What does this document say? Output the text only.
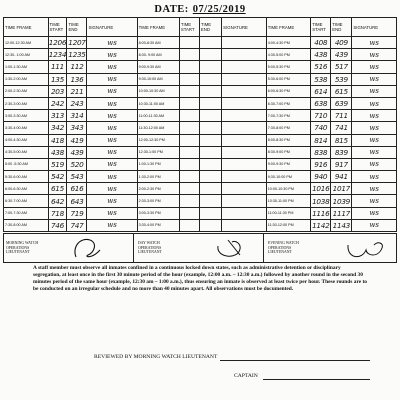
DATE: 07/25/2019
TIME FRAME	TIME START	TIME END	SIGNATURE	TIME FRAME	TIME START	TIME END	SIGNATURE	TIME FRAME	TIME START	TIME END	SIGNATURE
12:00-12:30 AM	1206	1207	ws	8:00-8:30 AM				4:00-4:30 PM	408	409	ws
12:30- 1:00 AM	1234	1235	ws	8:30- 9:00 AM				4:30-5:00 PM	438	439	ws
1:00-1:30 AM	111	112	ws	9:00-9:30 AM				5:00-5:30 PM	516	517	ws
1:30-2:00 AM	135	136	ws	9:30-10:00 AM				5:30-6:00 PM	538	539	ws
2:00-2:30 AM	203	211	ws	10:00-10:30 AM				6:00-6:30 PM	614	615	ws
2:30-3:00 AM	242	243	ws	10:30-11:00 AM				6:30-7:00 PM	638	639	ws
3:00-3:30 AM	313	314	ws	11:00-11:30 AM				7:00-7:30 PM	710	711	ws
3:30-4:00 AM	342	343	ws	11:30-12:00 AM				7:30-8:00 PM	740	741	ws
4:00-4:30 AM	418	419	ws	12:00-12:30 PM				8:00-8:30 PM	814	815	ws
4:30-5:00 AM	438	439	ws	12:30-1:00 PM				8:30-9:00 PM	838	839	ws
5:00 -5:30 AM	519	520	ws	1:00-1:30 PM				9:00-9:30 PM	916	917	ws
5:30-6:00 AM	542	543	ws	1:30-2:00 PM				9:30-10:00 PM	940	941	ws
6:00-6:30 AM	615	616	ws	2:00-2:30 PM				10:00-10:30 PM	1016	1017	ws
6:30-7:00 AM	642	643	ws	2:30-3:00 PM				10:30-11:00 PM	1038	1039	ws
7:00-7:30 AM	718	719	ws	3:00-3:30 PM				11:00-11:30 PM	1116	1117	ws
7:30-8:00 AM	746	747	ws	3:30-4:00 PM				11:30-12:00 PM	1142	1143	ws
MORNING WATCH
OPERATIONS
LIEUTENANT
DAY WATCH
OPERATIONS
LIEUTENANT
EVENING WATCH
OPERATIONS
LIEUTENANT
A staff member must observe all inmates confined in a continuous locked down states, such as administrative detention or disciplinary segregation, at least once in the first 30 minute period of the hour (example, 12:00 a.m. – 12:30 a.m.) followed by another round in the second 30 minutes period of the same hour (example, 12:30 am – 1:00 a.m.), thus ensuring an inmate is observed at least twice per hour. These rounds are to be conducted on an irregular schedule and no more than 40 minutes apart. All observations must be documented.
REVIEWED BY MORNING WATCH LIEUTENANT
CAPTAIN
